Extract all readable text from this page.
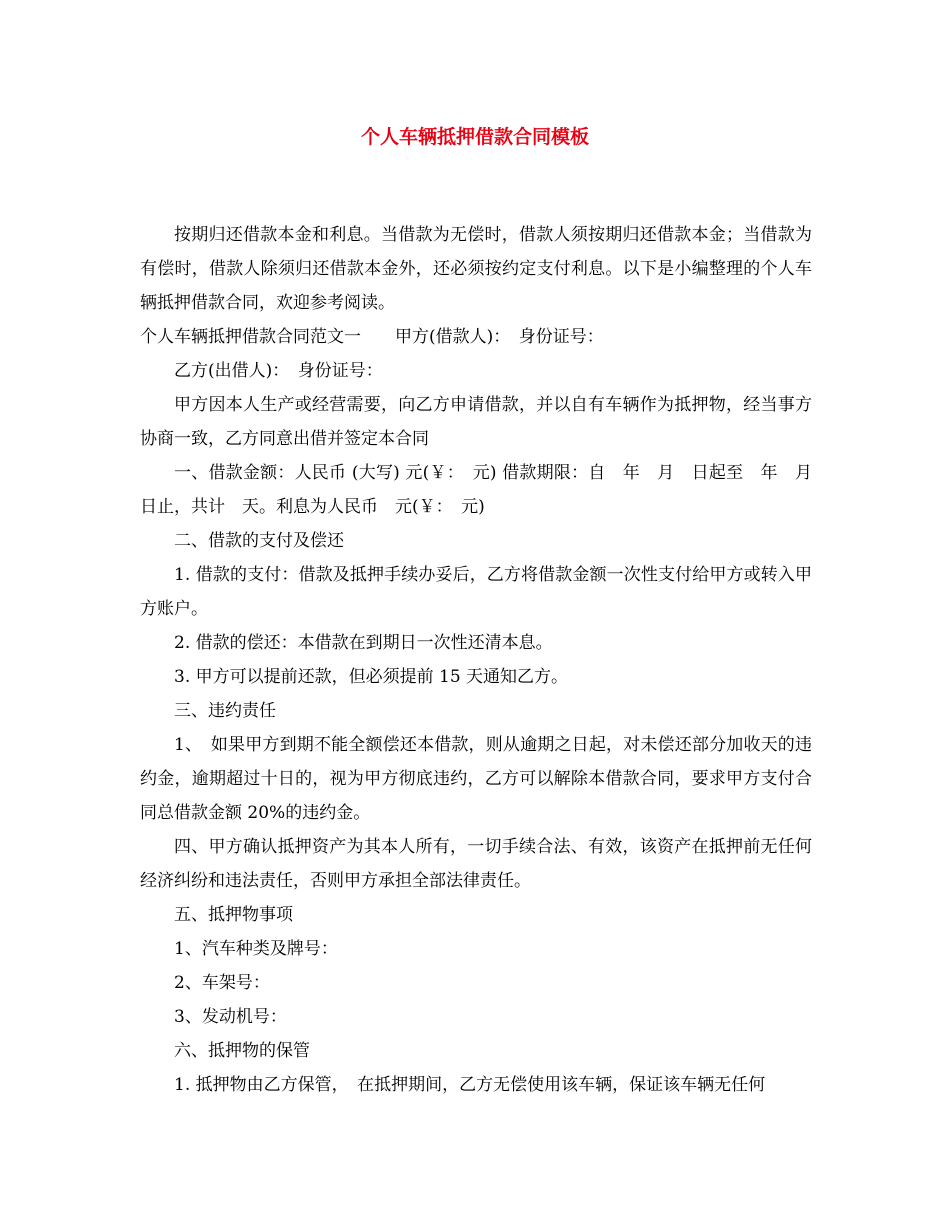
个人车辆抵押借款合同模板

按期归还借款本金和利息。当借款为无偿时，借款人须按期归还借款本金；当借款为有偿时，借款人除须归还借款本金外，还必须按约定支付利息。以下是小编整理的个人车辆抵押借款合同，欢迎参考阅读。

个人车辆抵押借款合同范文一　　甲方(借款人)：　身份证号：

乙方(出借人)：　身份证号：

甲方因本人生产或经营需要，向乙方申请借款，并以自有车辆作为抵押物，经当事方协商一致，乙方同意出借并签定本合同

一、借款金额：人民币 (大写) 元(￥：　元) 借款期限：自　年　月　日起至　年　月　日止，共计　天。利息为人民币　元(￥：　元)

二、借款的支付及偿还

1. 借款的支付：借款及抵押手续办妥后，乙方将借款金额一次性支付给甲方或转入甲方账户。

2. 借款的偿还：本借款在到期日一次性还清本息。

3. 甲方可以提前还款，但必须提前 15 天通知乙方。

三、违约责任

1、　如果甲方到期不能全额偿还本借款，则从逾期之日起，对未偿还部分加收天的违约金，逾期超过十日的，视为甲方彻底违约，乙方可以解除本借款合同，要求甲方支付合同总借款金额 20%的违约金。

四、甲方确认抵押资产为其本人所有，一切手续合法、有效，该资产在抵押前无任何经济纠纷和违法责任，否则甲方承担全部法律责任。

五、抵押物事项

1、汽车种类及牌号：

2、车架号：

3、发动机号：

六、抵押物的保管

1. 抵押物由乙方保管，　在抵押期间，乙方无偿使用该车辆，保证该车辆无任何
